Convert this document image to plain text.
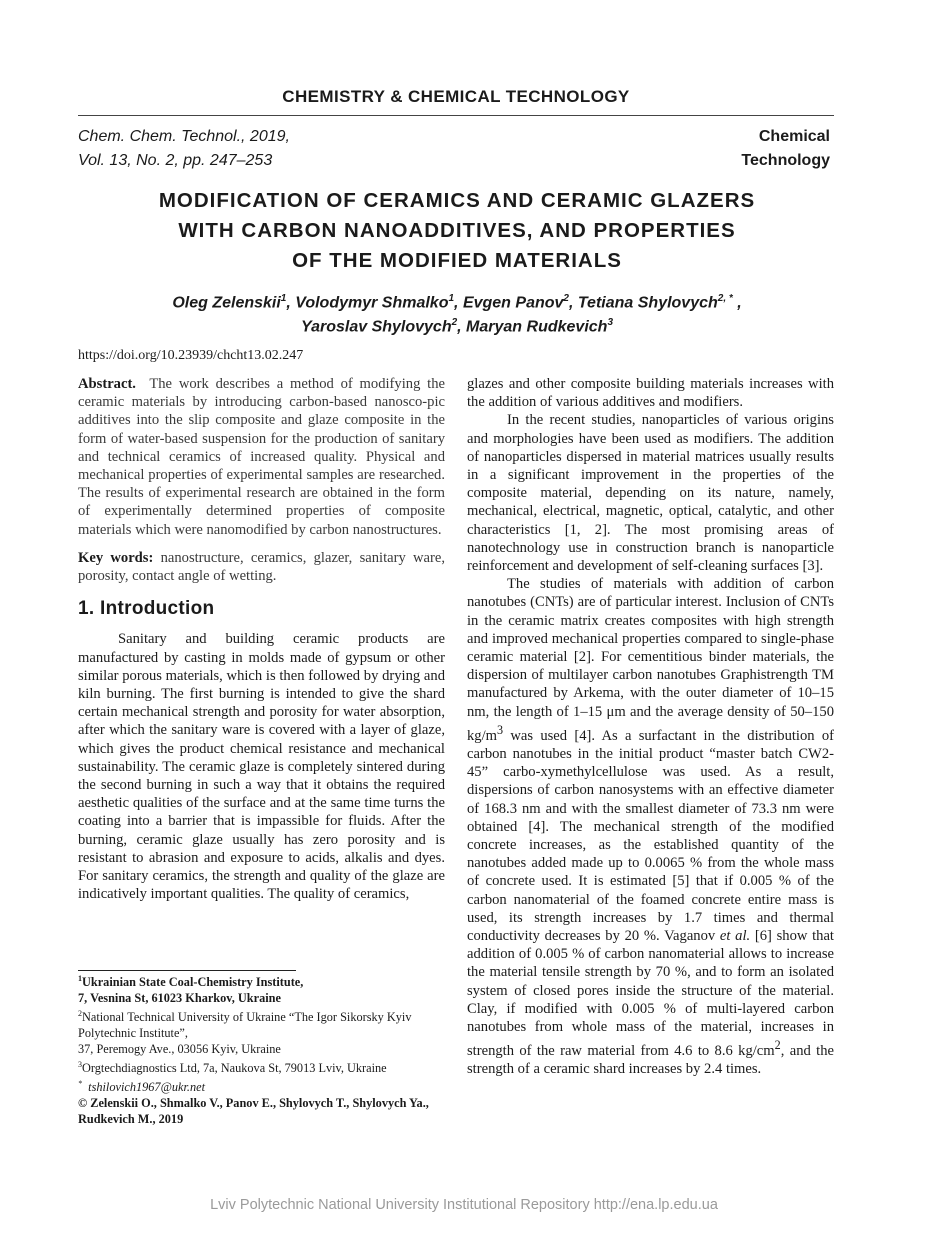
CHEMISTRY & CHEMICAL TECHNOLOGY
Chem. Chem. Technol., 2019,
Vol. 13, No. 2, pp. 247–253
Chemical
Technology
MODIFICATION OF CERAMICS AND CERAMIC GLAZERS
WITH CARBON NANOADDITIVES, AND PROPERTIES
OF THE MODIFIED MATERIALS
Oleg Zelenskii$^1$, Volodymyr Shmalko$^1$, Evgen Panov$^2$, Tetiana Shylovych$^{2, *}$ ,
Yaroslav Shylovych$^2$, Maryan Rudkevich$^3$
https://doi.org/10.23939/chcht13.02.247

Abstract. The work describes a method of modifying the ceramic materials by introducing carbon-based nanosco-pic additives into the slip composite and glaze composite in the form of water-based suspension for the production of sanitary and technical ceramics of increased quality. Physical and mechanical properties of experimental samples are researched. The results of experimental research are obtained in the form of experimentally determined properties of composite materials which were nanomodified by carbon nanostructures.

Key words: nanostructure, ceramics, glazer, sanitary ware, porosity, contact angle of wetting.

1. Introduction

Sanitary and building ceramic products are manufactured by casting in molds made of gypsum or other similar porous materials, which is then followed by drying and kiln burning. The first burning is intended to give the shard certain mechanical strength and porosity for water absorption, after which the sanitary ware is covered with a layer of glaze, which gives the product chemical resistance and mechanical sustainability. The ceramic glaze is completely sintered during the second burning in such a way that it obtains the required aesthetic qualities of the surface and at the same time turns the coating into a barrier that is impassible for fluids. After the burning, ceramic glaze usually has zero porosity and is resistant to abrasion and exposure to acids, alkalis and dyes. For sanitary ceramics, the strength and quality of the glaze are indicatively important qualities. The quality of ceramics,

glazes and other composite building materials increases with the addition of various additives and modifiers.

In the recent studies, nanoparticles of various origins and morphologies have been used as modifiers. The addition of nanoparticles dispersed in material matrices usually results in a significant improvement in the properties of the composite material, depending on its nature, namely, mechanical, electrical, magnetic, optical, catalytic, and other characteristics [1, 2]. The most promising areas of nanotechnology use in construction branch is nanoparticle reinforcement and development of self-cleaning surfaces [3].

The studies of materials with addition of carbon nanotubes (CNTs) are of particular interest. Inclusion of CNTs in the ceramic matrix creates composites with high strength and improved mechanical properties compared to single-phase ceramic material [2]. For cementitious binder materials, the dispersion of multilayer carbon nanotubes Graphistrength TM manufactured by Arkema, with the outer diameter of 10–15 nm, the length of 1–15 μm and the average density of 50–150 $kg/m^3$ was used [4]. As a surfactant in the distribution of carbon nanotubes in the initial product “master batch CW2-45” carbo-xymethylcellulose was used. As a result, dispersions of carbon nanosystems with an effective diameter of 168.3 nm and with the smallest diameter of 73.3 nm were obtained [4]. The mechanical strength of the modified concrete increases, as the established quantity of the nanotubes added made up to 0.0065 % from the whole mass of concrete used. It is estimated [5] that if 0.005 % of the carbon nanomaterial of the foamed concrete entire mass is used, its strength increases by 1.7 times and thermal conductivity decreases by 20 %. Vaganov et al. [6] show that addition of 0.005 % of carbon nanomaterial allows to increase the material tensile strength by 70 %, and to form an isolated system of closed pores inside the structure of the material. Clay, if modified with 0.005 % of multi-layered carbon nanotubes from whole mass of the material, increases in strength of the raw material from 4.6 to 8.6 $kg/cm^2$, and the strength of a ceramic shard increases by 2.4 times.

$^1$Ukrainian State Coal-Chemistry Institute,
7, Vesnina St, 61023 Kharkov, Ukraine
$^2$National Technical University of Ukraine “The Igor Sikorsky Kyiv Polytechnic Institute”,
37, Peremogy Ave., 03056 Kyiv, Ukraine
$^3$Orgtechdiagnostics Ltd, 7a, Naukova St, 79013 Lviv, Ukraine
* tshilovich1967@ukr.net
© Zelenskii O., Shmalko V., Panov E., Shylovych T., Shylovych Ya., Rudkevich M., 2019
Lviv Polytechnic National University Institutional Repository http://ena.lp.edu.ua
